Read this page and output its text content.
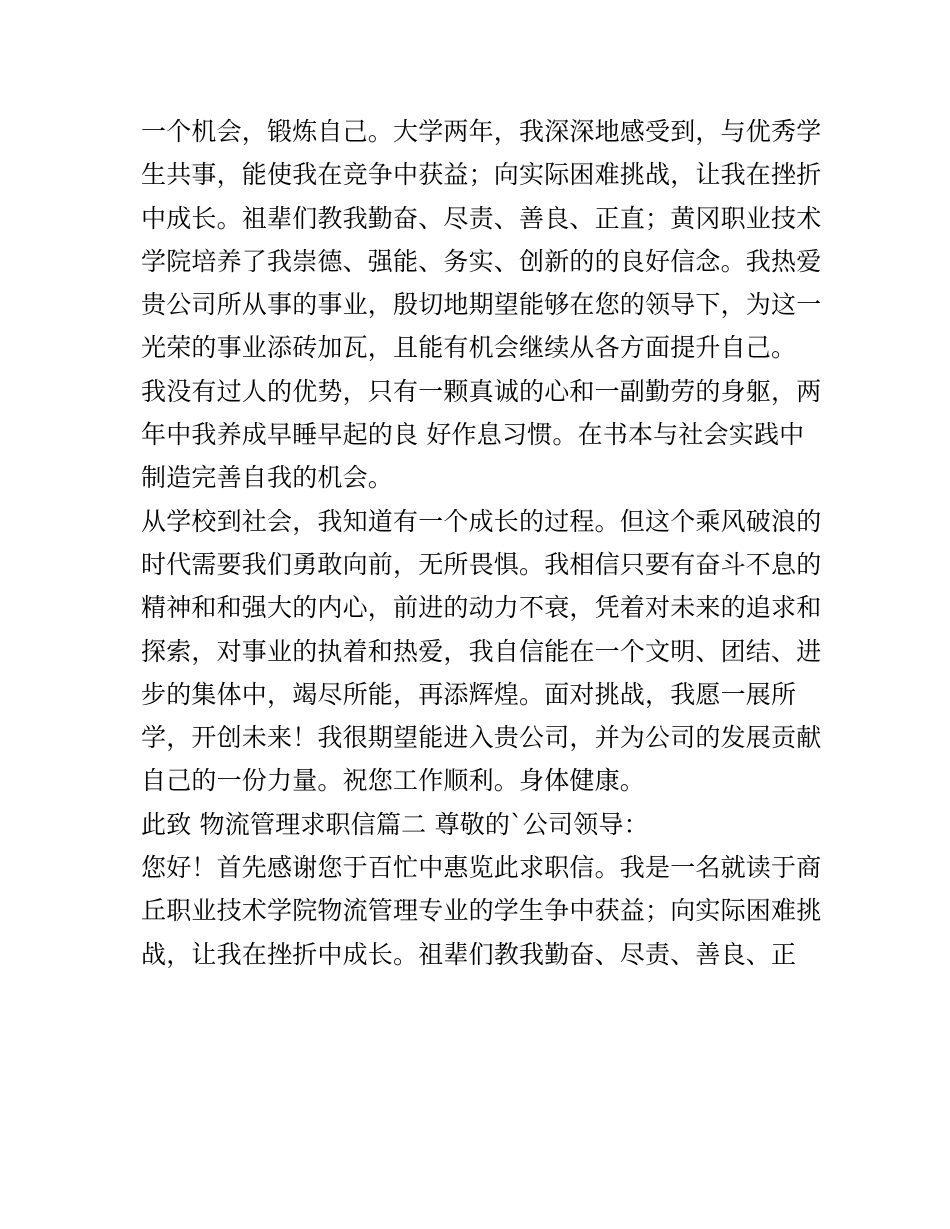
一个机会，锻炼自己。大学两年，我深深地感受到，与优秀学
生共事，能使我在竞争中获益；向实际困难挑战，让我在挫折
中成长。祖辈们教我勤奋、尽责、善良、正直；黄冈职业技术
学院培养了我崇德、强能、务实、创新的的良好信念。我热爱
贵公司所从事的事业，殷切地期望能够在您的领导下，为这一
光荣的事业添砖加瓦，且能有机会继续从各方面提升自己。
我没有过人的优势，只有一颗真诚的心和一副勤劳的身躯，两
年中我养成早睡早起的良 好作息习惯。在书本与社会实践中
制造完善自我的机会。
从学校到社会，我知道有一个成长的过程。但这个乘风破浪的
时代需要我们勇敢向前，无所畏惧。我相信只要有奋斗不息的
精神和和强大的内心，前进的动力不衰，凭着对未来的追求和
探索，对事业的执着和热爱，我自信能在一个文明、团结、进
步的集体中，竭尽所能，再添辉煌。面对挑战，我愿一展所
学，开创未来！我很期望能进入贵公司，并为公司的发展贡献
自己的一份力量。祝您工作顺利。身体健康。
此致 物流管理求职信篇二 尊敬的`公司领导：
您好！首先感谢您于百忙中惠览此求职信。我是一名就读于商
丘职业技术学院物流管理专业的学生争中获益；向实际困难挑
战，让我在挫折中成长。祖辈们教我勤奋、尽责、善良、正
